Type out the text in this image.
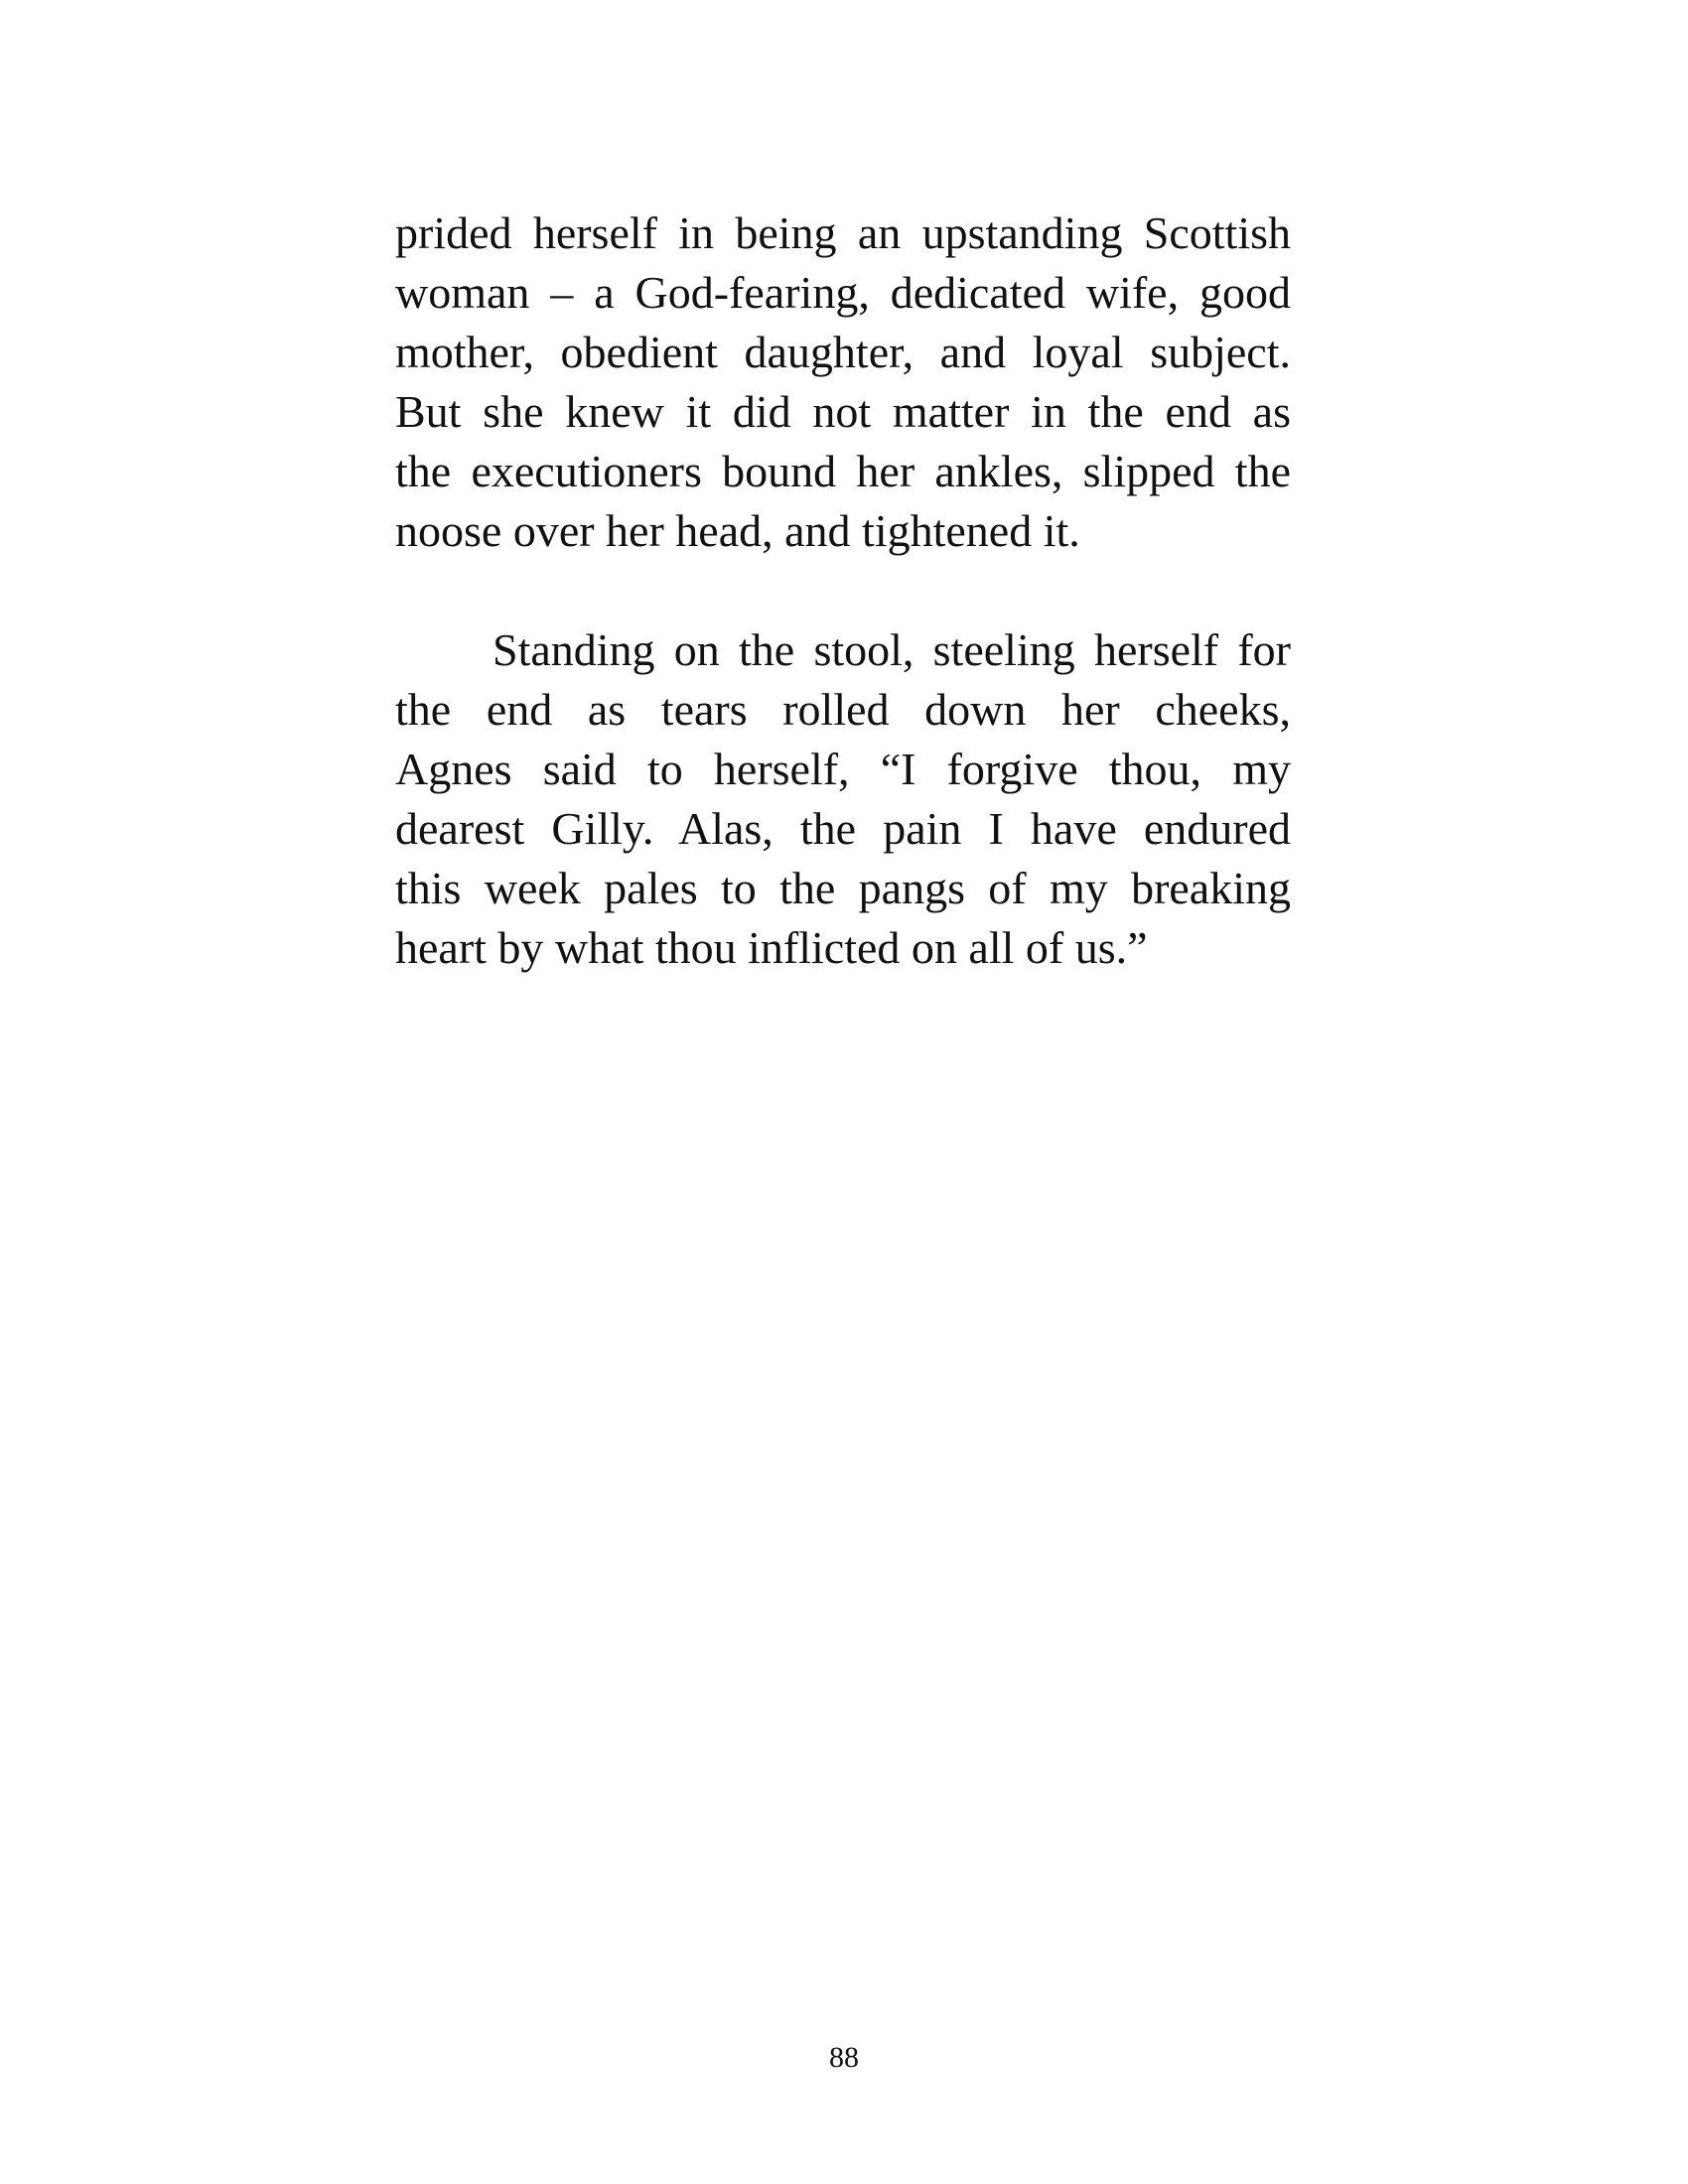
prided herself in being an upstanding Scottish
woman – a God-fearing, dedicated wife, good
mother, obedient daughter, and loyal subject.
But she knew it did not matter in the end as
the executioners bound her ankles, slipped the
noose over her head, and tightened it.
Standing on the stool, steeling herself for
the end as tears rolled down her cheeks,
Agnes said to herself, “I forgive thou, my
dearest Gilly. Alas, the pain I have endured
this week pales to the pangs of my breaking
heart by what thou inflicted on all of us.”
88
